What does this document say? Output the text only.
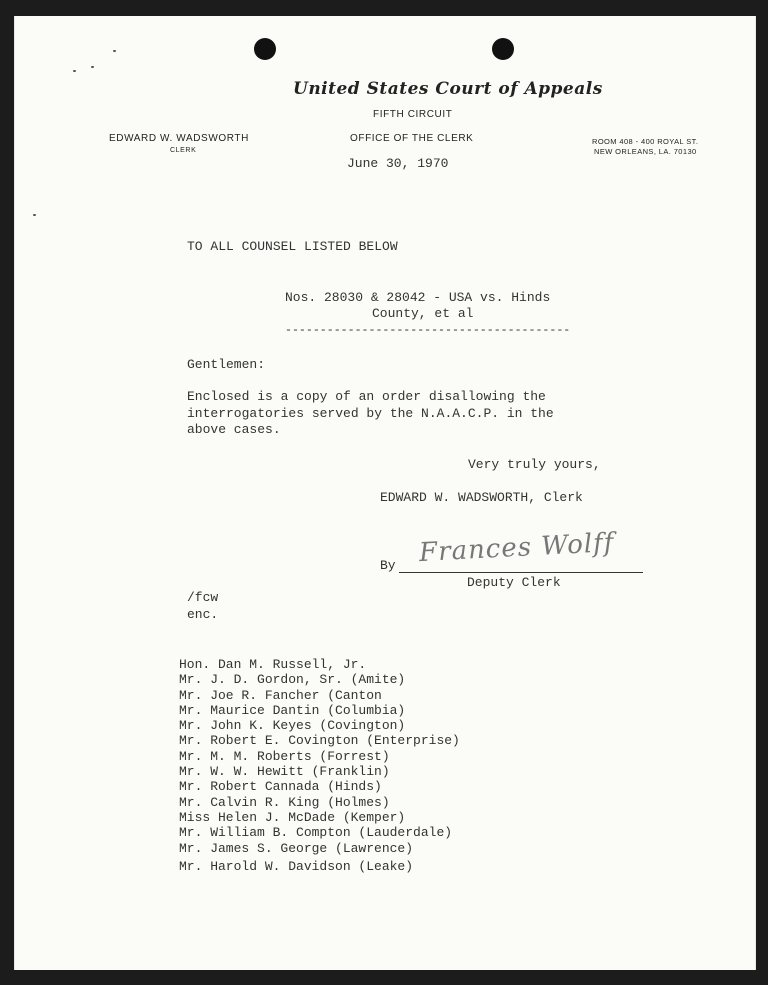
United States Court of Appeals
FIFTH CIRCUIT
EDWARD W. WADSWORTH
CLERK
OFFICE OF THE CLERK	ROOM 408 - 400 ROYAL ST.
NEW ORLEANS, LA. 70130
June 30, 1970
TO ALL COUNSEL LISTED BELOW
Nos. 28030 & 28042 - USA vs. Hinds
County, et al
-----------------------------------------
Gentlemen:
Enclosed is a copy of an order disallowing the
interrogatories served by the N.A.A.C.P. in the
above cases.
Very truly yours,
EDWARD W. WADSWORTH, Clerk
By Frances Wolff
Deputy Clerk
/fcw
enc.
Hon. Dan M. Russell, Jr.
Mr. J. D. Gordon, Sr. (Amite)
Mr. Joe R. Fancher (Canton
Mr. Maurice Dantin (Columbia)
Mr. John K. Keyes (Covington)
Mr. Robert E. Covington (Enterprise)
Mr. M. M. Roberts (Forrest)
Mr. W. W. Hewitt (Franklin)
Mr. Robert Cannada (Hinds)
Mr. Calvin R. King (Holmes)
Miss Helen J. McDade (Kemper)
Mr. William B. Compton (Lauderdale)
Mr. James S. George (Lawrence)
Mr. Harold W. Davidson (Leake)
